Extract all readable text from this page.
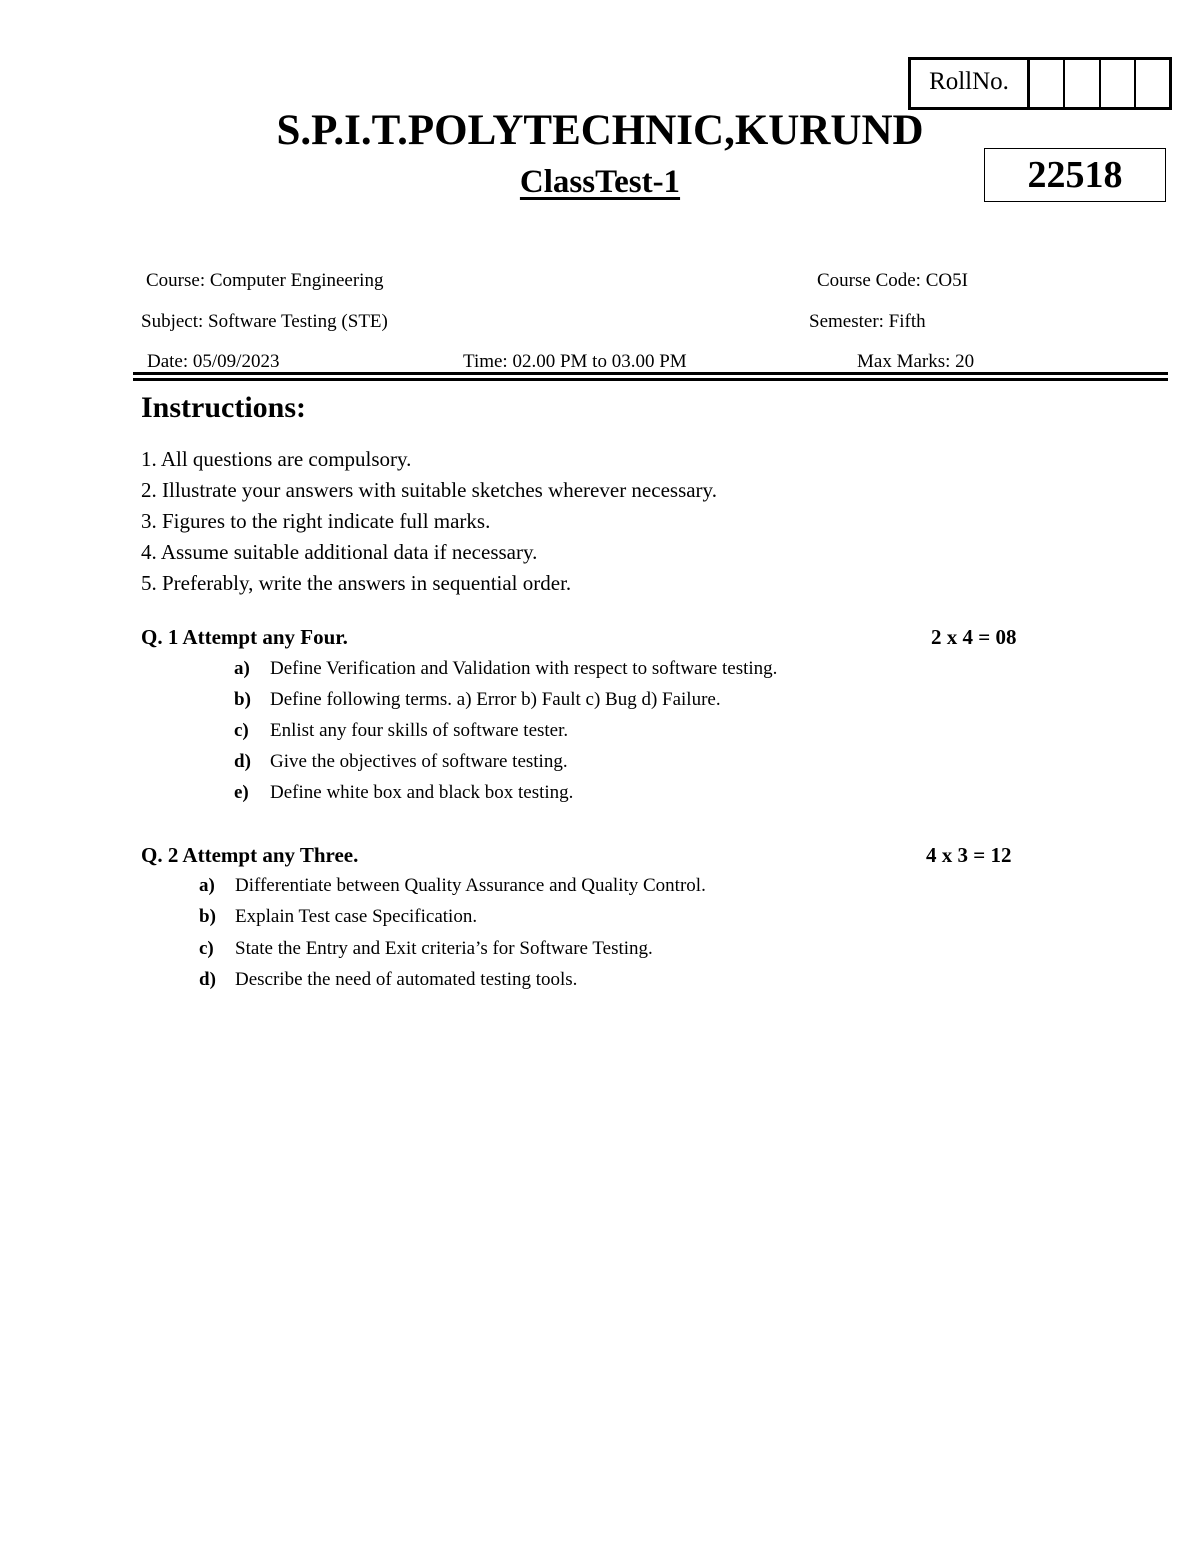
RollNo.
S.P.I.T.POLYTECHNIC,KURUND
ClassTest-1	22518
Course: Computer Engineering	Course Code: CO5I
Subject: Software Testing (STE)	Semester: Fifth
Date: 05/09/2023	Time: 02.00 PM to 03.00 PM	Max Marks: 20
Instructions:
1. All questions are compulsory.
2. Illustrate your answers with suitable sketches wherever necessary.
3. Figures to the right indicate full marks.
4. Assume suitable additional data if necessary.
5. Preferably, write the answers in sequential order.
Q. 1 Attempt any Four.	2 x 4 = 08
a)	Define Verification and Validation with respect to software testing.
b)	Define following terms. a) Error b) Fault c) Bug d) Failure.
c)	Enlist any four skills of software tester.
d)	Give the objectives of software testing.
e)	Define white box and black box testing.
Q. 2 Attempt any Three.	4 x 3 = 12
a)	Differentiate between Quality Assurance and Quality Control.
b)	Explain Test case Specification.
c)	State the Entry and Exit criteria’s for Software Testing.
d)	Describe the need of automated testing tools.
